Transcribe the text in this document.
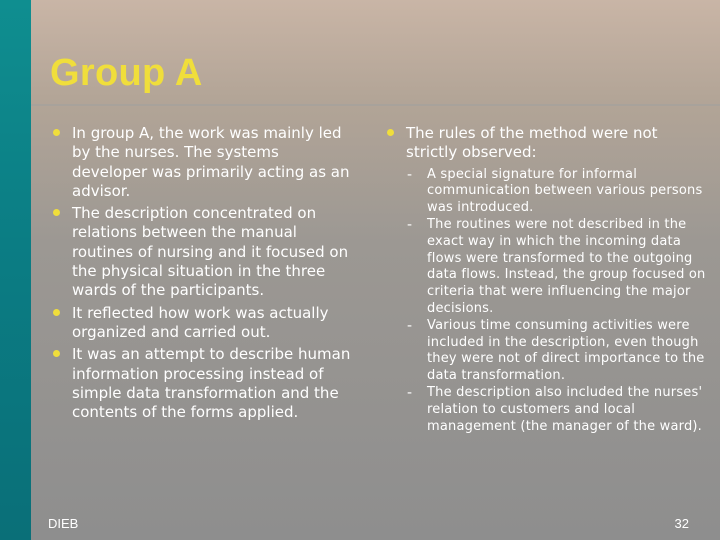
Group A
In group A, the work was mainly led by the nurses. The systems developer was primarily acting as an advisor.
The description concentrated on relations between the manual routines of nursing and it focused on the physical situation in the three wards of the participants.
It reflected how work was actually organized and carried out.
It was an attempt to describe human information processing instead of simple data transformation and the contents of the forms applied.
The rules of the method were not strictly observed:
- A special signature for informal communication between various persons was introduced.
- The routines were not described in the exact way in which the incoming data flows were transformed to the outgoing data flows. Instead, the group focused on criteria that were influencing the major decisions.
- Various time consuming activities were included in the description, even though they were not of direct importance to the data transformation.
- The description also included the nurses' relation to customers and local management (the manager of the ward).
DIEB	32
